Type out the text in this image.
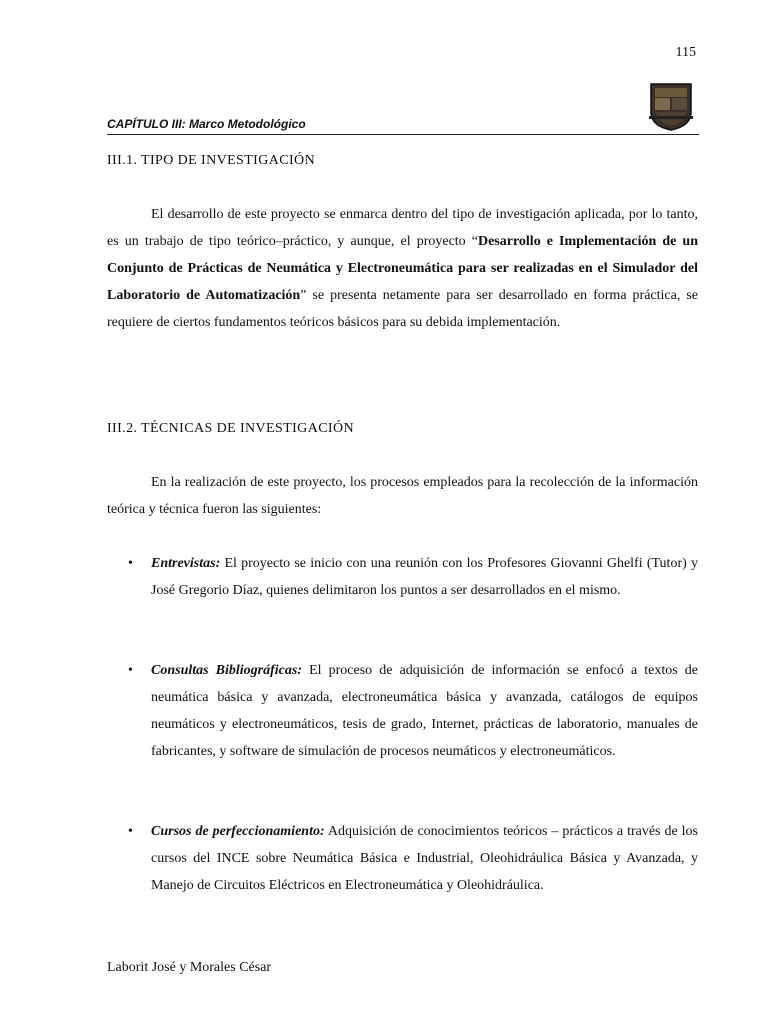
115
CAPÍTULO III: Marco Metodológico
III.1. TIPO DE INVESTIGACIÓN

El desarrollo de este proyecto se enmarca dentro del tipo de investigación aplicada, por lo tanto, es un trabajo de tipo teórico–práctico, y aunque, el proyecto “Desarrollo e Implementación de un Conjunto de Prácticas de Neumática y Electroneumática para ser realizadas en el Simulador del Laboratorio de Automatización” se presenta netamente para ser desarrollado en forma práctica, se requiere de ciertos fundamentos teóricos básicos para su debida implementación.

III.2. TÉCNICAS DE INVESTIGACIÓN

En la realización de este proyecto, los procesos empleados para la recolección de la información teórica y técnica fueron las siguientes:

• Entrevistas: El proyecto se inicio con una reunión con los Profesores Giovanni Ghelfi (Tutor) y José Gregorio Díaz, quienes delimitaron los puntos a ser desarrollados en el mismo.

• Consultas Bibliográficas: El proceso de adquisición de información se enfocó a textos de neumática básica y avanzada, electroneumática básica y avanzada, catálogos de equipos neumáticos y electroneumáticos, tesis de grado, Internet, prácticas de laboratorio, manuales de fabricantes, y software de simulación de procesos neumáticos y electroneumáticos.

• Cursos de perfeccionamiento: Adquisición de conocimientos teóricos – prácticos a través de los cursos del INCE sobre Neumática Básica e Industrial, Oleohidráulica Básica y Avanzada, y Manejo de Circuitos Eléctricos en Electroneumática y Oleohidráulica.

Laborit José y Morales César
